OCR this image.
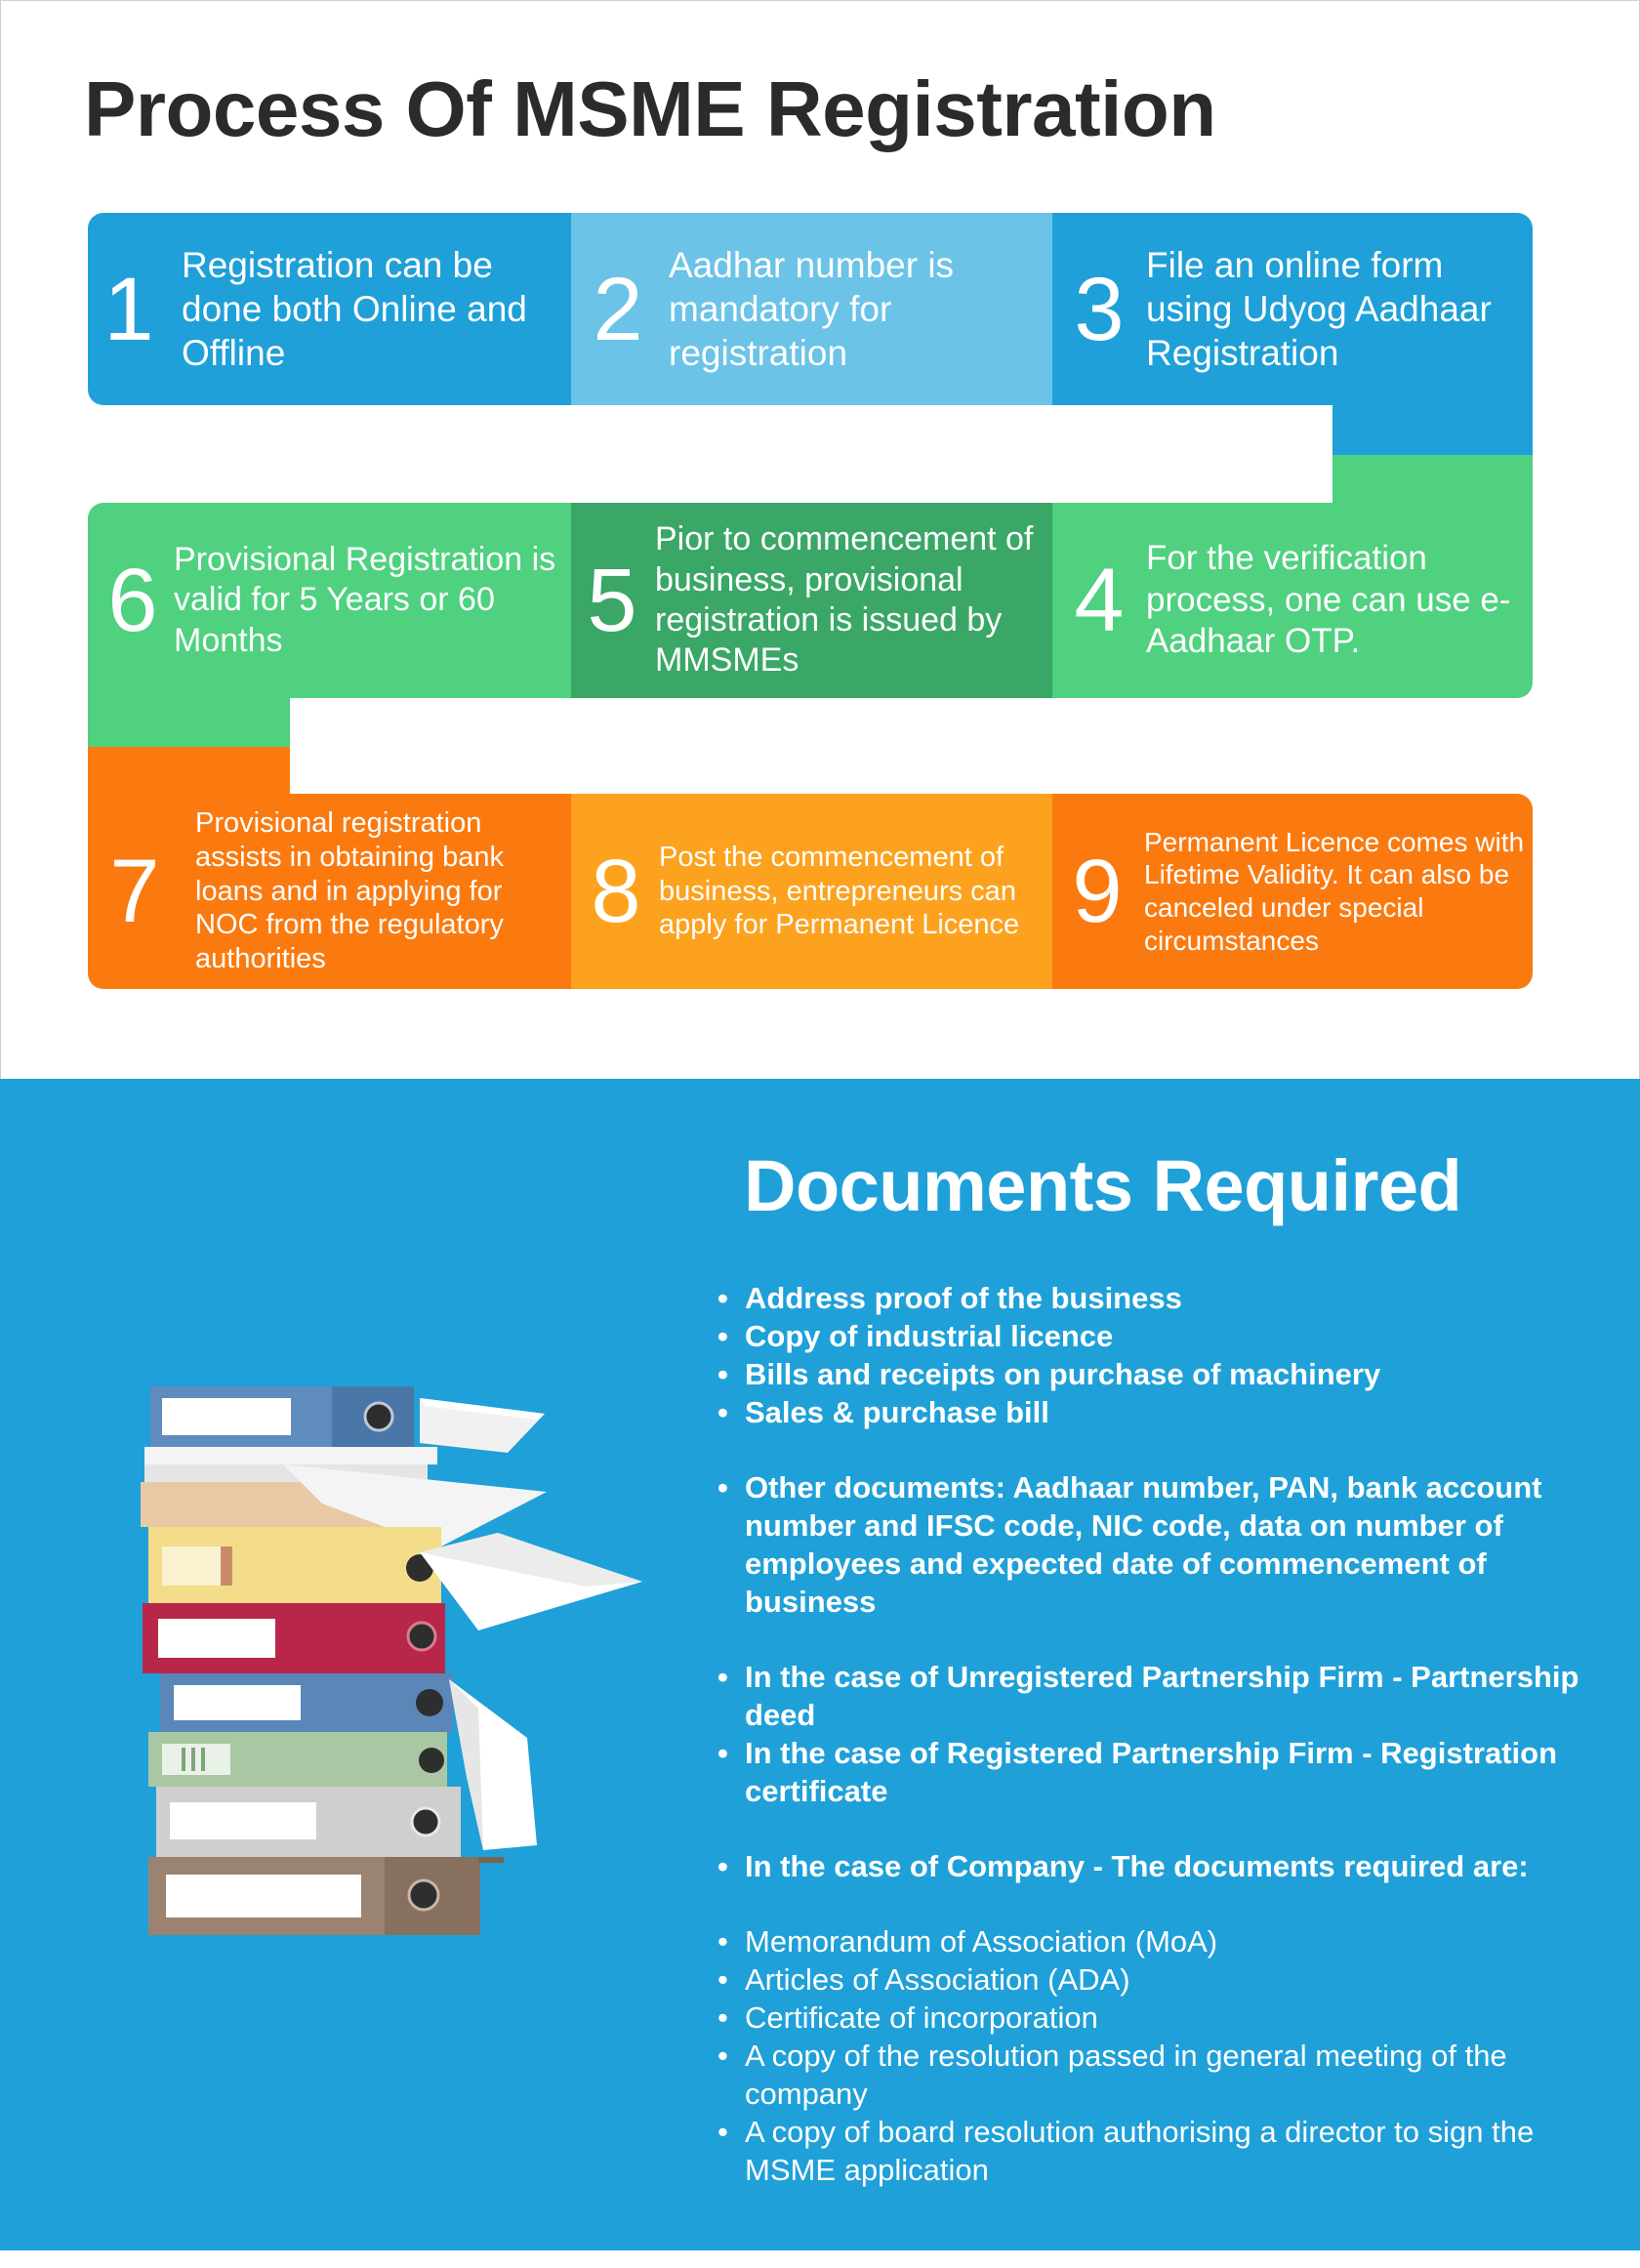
Process Of MSME Registration
1 Registration can be done both Online and Offline	2 Aadhar number is mandatory for registration	3 File an online form using Udyog Aadhaar Registration
6 Provisional Registration is valid for 5 Years or 60 Months	5
Pior to commencement of business, provisional registration is issued by MMSMEs
4 For the verification process, one can use e-Aadhaar OTP.
7
Provisional registration assists in obtaining bank loans and in applying for NOC from the regulatory authorities
8 Post the commencement of business, entrepreneurs can apply for Permanent Licence 9 Permanent Licence comes with Lifetime Validity. It can also be canceled under special circumstances
Documents Required
• Address proof of the business
• Copy of industrial licence
• Bills and receipts on purchase of machinery
• Sales & purchase bill
• Other documents: Aadhaar number, PAN, bank account number and IFSC code, NIC code, data on number of employees and expected date of commencement of business
• In the case of Unregistered Partnership Firm - Partnership deed
• In the case of Registered Partnership Firm - Registration certificate
• In the case of Company - The documents required are:
• Memorandum of Association (MoA)
• Articles of Association (ADA)
• Certificate of incorporation
• A copy of the resolution passed in general meeting of the company
• A copy of board resolution authorising a director to sign the MSME application
